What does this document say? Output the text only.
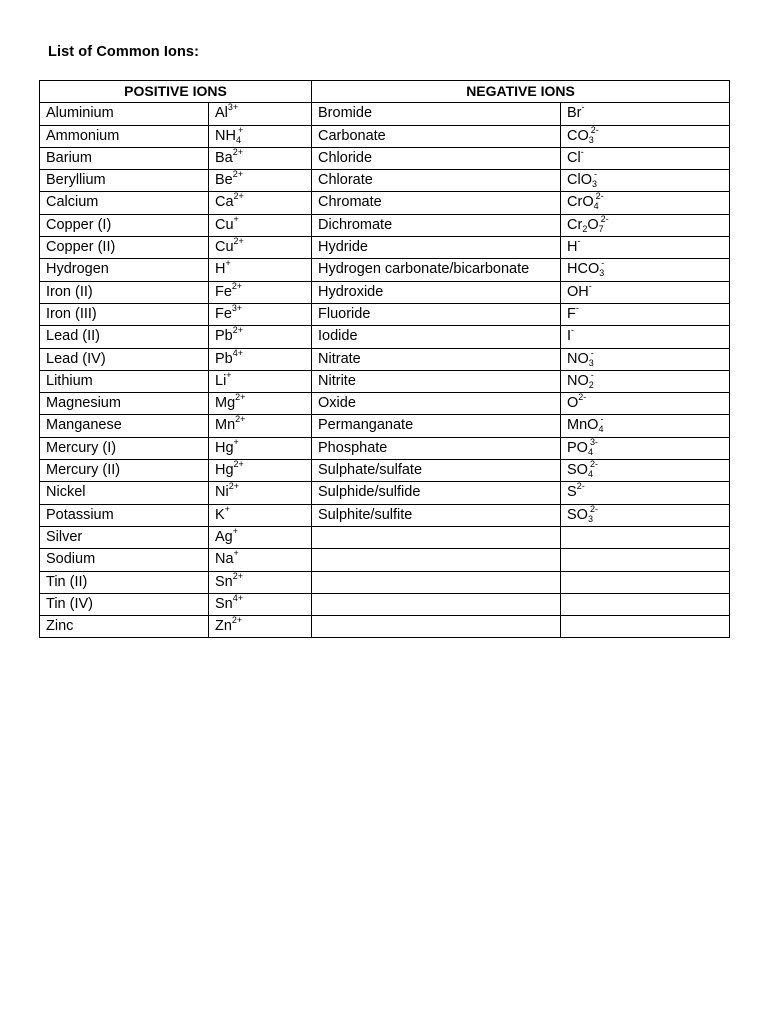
List of Common Ions:
POSITIVE IONS		NEGATIVE IONS	
Aluminium	$Al^{3+}$	Bromide	Br-
Ammonium	$NH_4^+$	Carbonate	$CO_3^{2-}$
Barium	$Ba^{2+}$	Chloride	Cl-
Beryllium	$Be^{2+}$	Chlorate	ClO$_3$-
Calcium	$Ca^{2+}$	Chromate	CrO$_4^{2-}$
Copper (I)	Cu+	Dichromate	$Cr_2O_7^{2-}$
Copper (II)	$Cu^{2+}$	Hydride	H-
Hydrogen	H+	Hydrogen carbonate/bicarbonate	$HCO_3^-$
Iron (II)	$Fe^{2+}$	Hydroxide	OH-
Iron (III)	$Fe^{3+}$	Fluoride	F-
Lead (II)	$Pb^{2+}$	Iodide	I-
Lead (IV)	$Pb^{4+}$	Nitrate	$NO_3^-$
Lithium	Li+	Nitrite	$NO_2^-$
Magnesium	$Mg^{2+}$	Oxide	$O^{2-}$
Manganese	$Mn^{2+}$	Permanganate	MnO$_4$-
Mercury (I)	Hg+	Phosphate	$PO_4^{3-}$
Mercury (II)	$Hg^{2+}$	Sulphate/sulfate	$SO_4^{2-}$
Nickel	$Ni^{2+}$	Sulphide/sulfide	$S^{2-}$
Potassium	K+	Sulphite/sulfite	$SO_3^{2-}$
Silver	Ag+		
Sodium	Na+		
Tin (II)	$Sn^{2+}$		
Tin (IV)	$Sn^{4+}$		
Zinc	$Zn^{2+}$		
